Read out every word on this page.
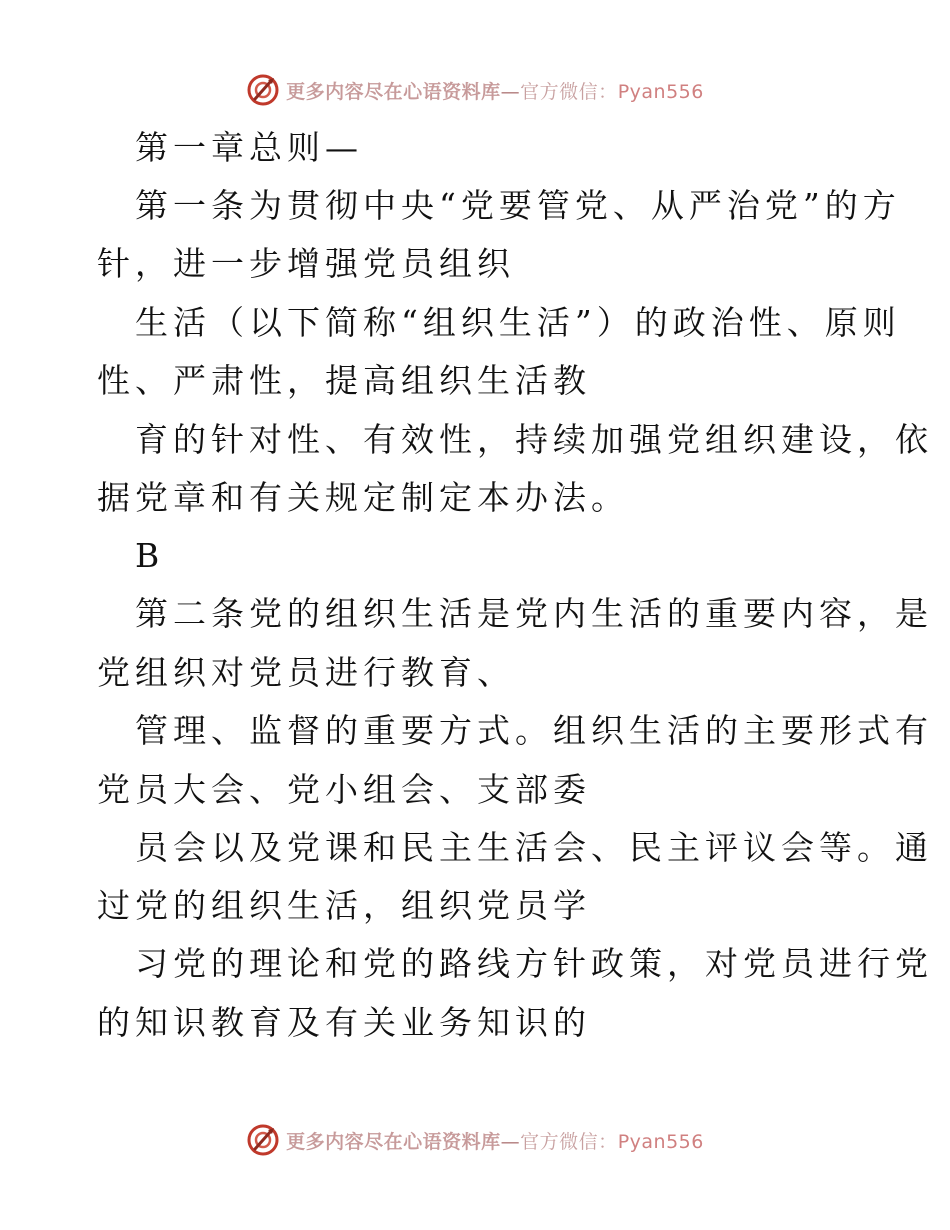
更多内容尽在心语资料库—官方微信：Pyan556
第一章总则—
第一条为贯彻中央“党要管党、从严治党”的方
针，进一步增强党员组织
生活（以下简称“组织生活”）的政治性、原则
性、严肃性，提高组织生活教
育的针对性、有效性，持续加强党组织建设，依
据党章和有关规定制定本办法。
B
第二条党的组织生活是党内生活的重要内容，是
党组织对党员进行教育、
管理、监督的重要方式。组织生活的主要形式有
党员大会、党小组会、支部委
员会以及党课和民主生活会、民主评议会等。通
过党的组织生活，组织党员学
习党的理论和党的路线方针政策，对党员进行党
的知识教育及有关业务知识的
更多内容尽在心语资料库—官方微信：Pyan556
